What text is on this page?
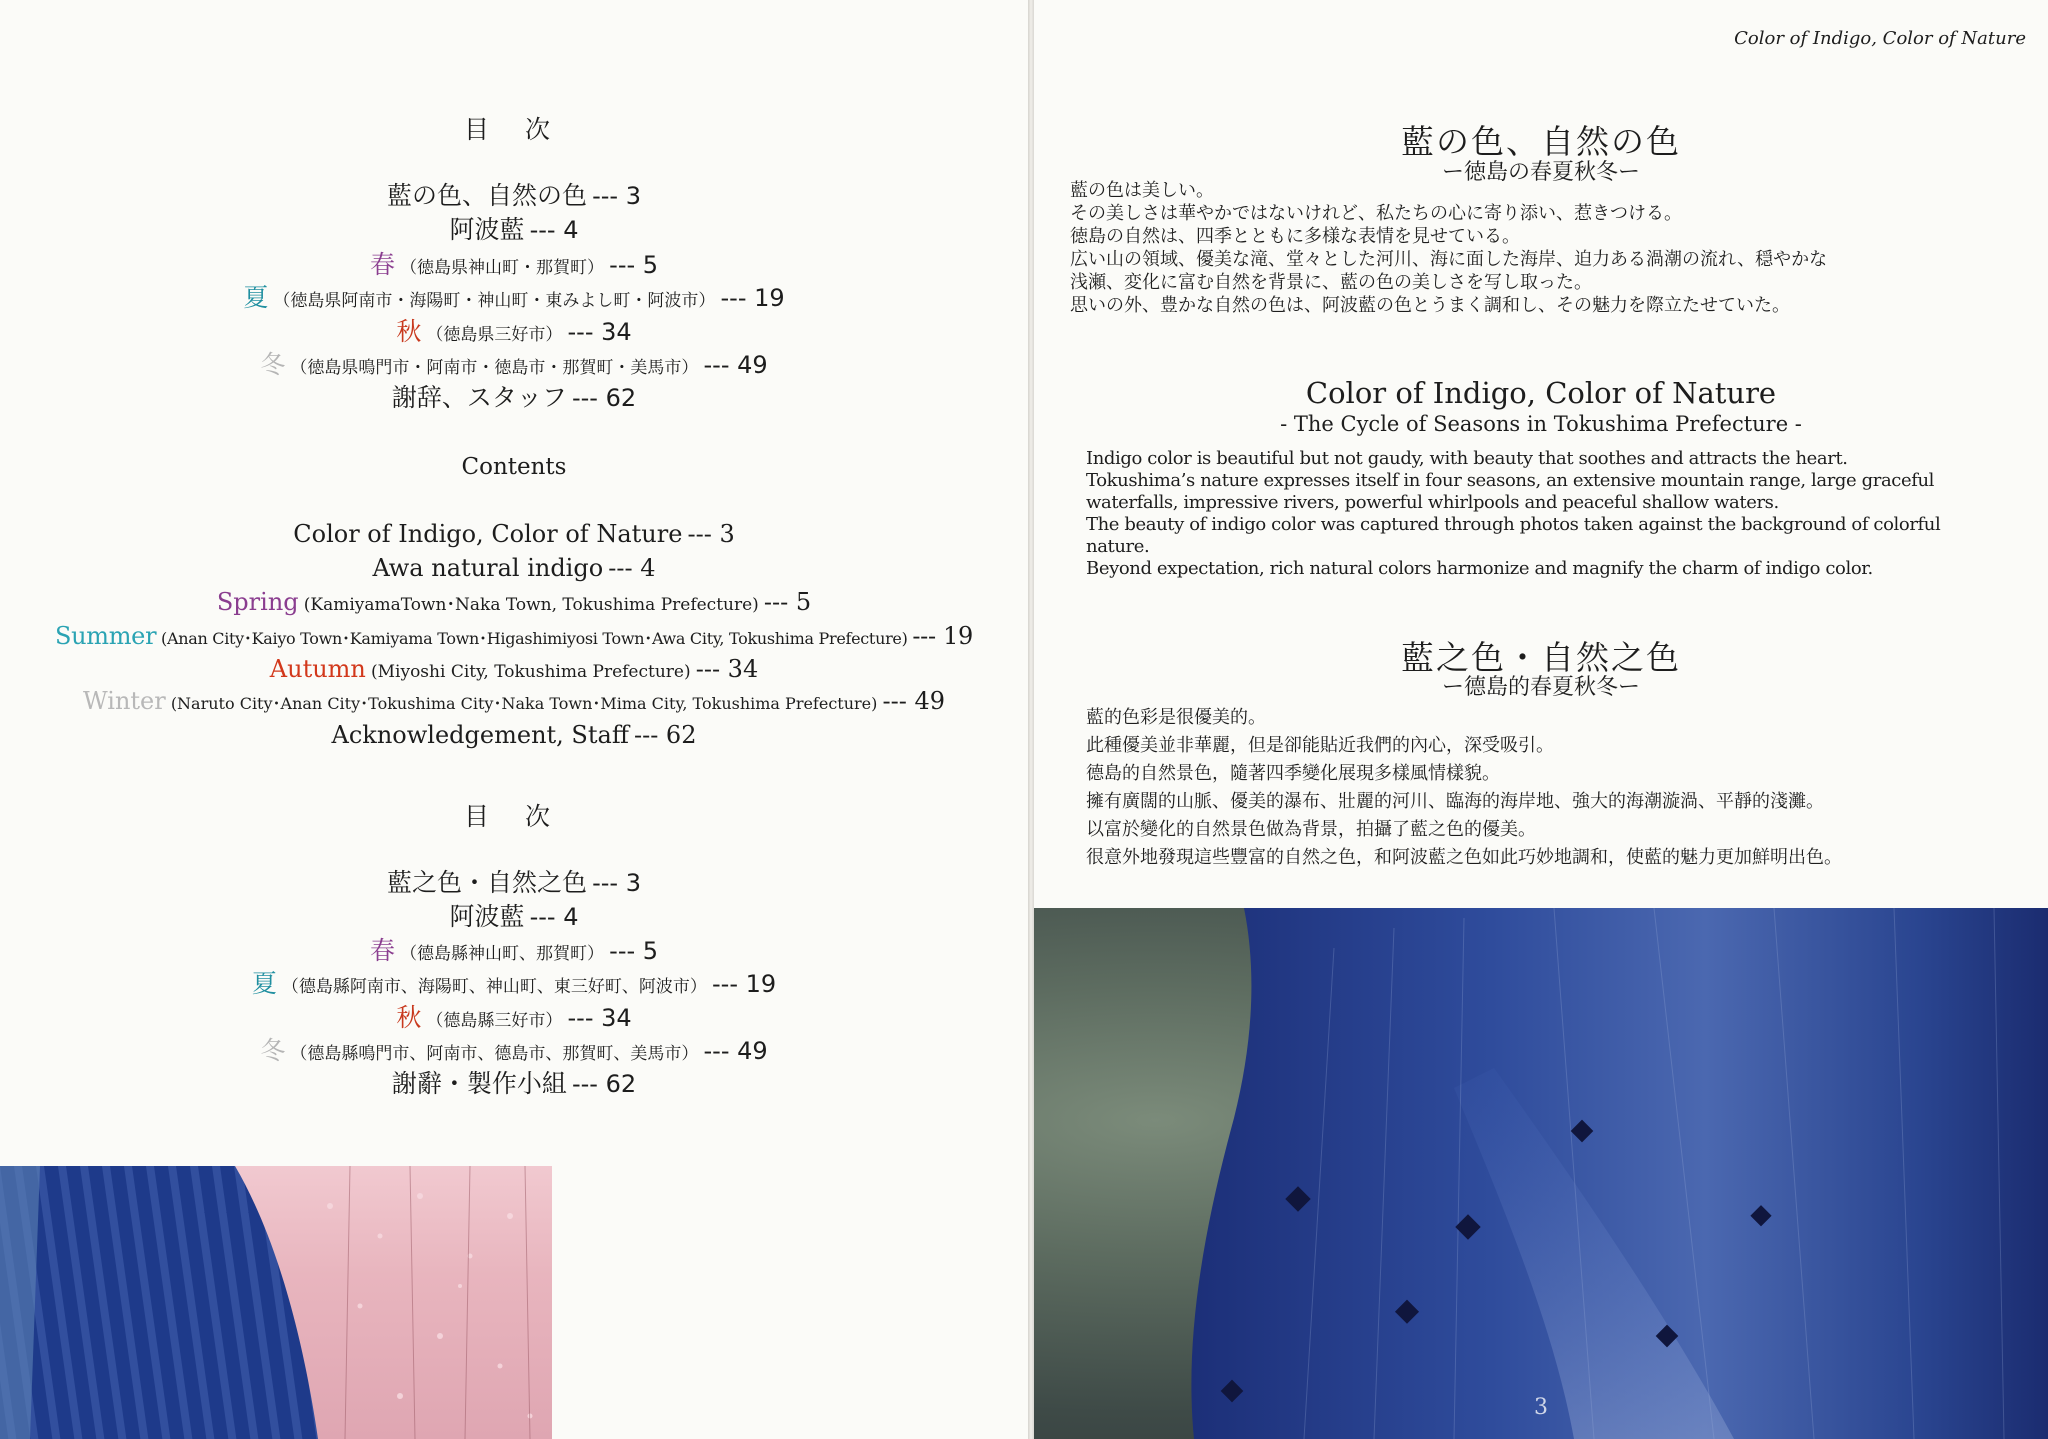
目 次
藍の色、自然の色 --- 3
阿波藍 --- 4
春 （徳島県神山町・那賀町） --- 5
夏 （徳島県阿南市・海陽町・神山町・東みよし町・阿波市） --- 19
秋 （徳島県三好市） --- 34
冬 （徳島県鳴門市・阿南市・徳島市・那賀町・美馬市） --- 49
謝辞、スタッフ --- 62
Contents
Color of Indigo, Color of Nature --- 3
Awa natural indigo --- 4
Spring (KamiyamaTown･Naka Town, Tokushima Prefecture) --- 5
Summer (Anan City･Kaiyo Town･Kamiyama Town･Higashimiyosi Town･Awa City, Tokushima Prefecture) --- 19
Autumn (Miyoshi City, Tokushima Prefecture) --- 34
Winter (Naruto City･Anan City･Tokushima City･Naka Town･Mima City, Tokushima Prefecture) --- 49
Acknowledgement, Staff --- 62
目 次
藍之色・自然之色 --- 3
阿波藍 --- 4
春 （德島縣神山町、那賀町） --- 5
夏 （德島縣阿南市、海陽町、神山町、東三好町、阿波市） --- 19
秋 （德島縣三好市） --- 34
冬 （德島縣鳴門市、阿南市、德島市、那賀町、美馬市） --- 49
謝辭・製作小組 --- 62
Color of Indigo, Color of Nature
藍の色、自然の色
ー徳島の春夏秋冬ー
藍の色は美しい。
その美しさは華やかではないけれど、私たちの心に寄り添い、惹きつける。
徳島の自然は、四季とともに多様な表情を見せている。
広い山の領域、優美な滝、堂々とした河川、海に面した海岸、迫力ある渦潮の流れ、穏やかな
浅瀬、変化に富む自然を背景に、藍の色の美しさを写し取った。
思いの外、豊かな自然の色は、阿波藍の色とうまく調和し、その魅力を際立たせていた。
Color of Indigo, Color of Nature
- The Cycle of Seasons in Tokushima Prefecture -
Indigo color is beautiful but not gaudy, with beauty that soothes and attracts the heart.
Tokushima’s nature expresses itself in four seasons, an extensive mountain range, large graceful
waterfalls, impressive rivers, powerful whirlpools and peaceful shallow waters.
The beauty of indigo color was captured through photos taken against the background of colorful
nature.
Beyond expectation, rich natural colors harmonize and magnify the charm of indigo color.
藍之色・自然之色
ー德島的春夏秋冬ー
藍的色彩是很優美的。
此種優美並非華麗，但是卻能貼近我們的內心，深受吸引。
德島的自然景色，隨著四季變化展現多樣風情樣貌。
擁有廣闊的山脈、優美的瀑布、壯麗的河川、臨海的海岸地、強大的海潮漩渦、平靜的淺灘。
以富於變化的自然景色做為背景，拍攝了藍之色的優美。
很意外地發現這些豐富的自然之色，和阿波藍之色如此巧妙地調和，使藍的魅力更加鮮明出色。
3
